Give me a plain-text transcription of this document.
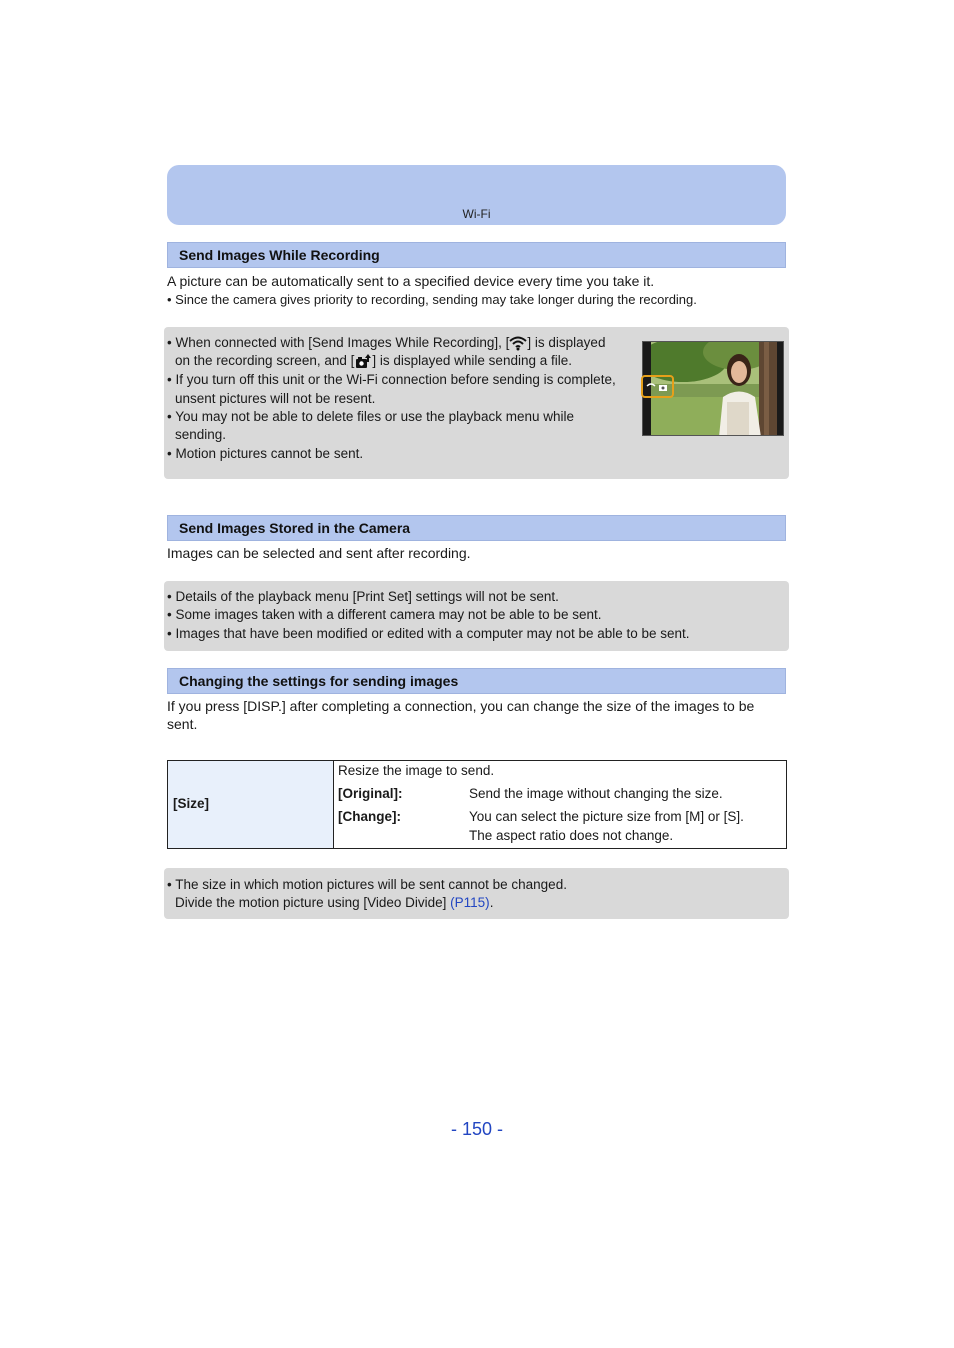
Wi-Fi
Send Images While Recording
A picture can be automatically sent to a specified device every time you take it.
• Since the camera gives priority to recording, sending may take longer during the recording.
• When connected with [Send Images While Recording], [ ] is displayed
on the recording screen, and [ ] is displayed while sending a file.
• If you turn off this unit or the Wi-Fi connection before sending is complete,
unsent pictures will not be resent.
• You may not be able to delete files or use the playback menu while
sending.
• Motion pictures cannot be sent.
Send Images Stored in the Camera
Images can be selected and sent after recording.
• Details of the playback menu [Print Set] settings will not be sent.
• Some images taken with a different camera may not be able to be sent.
• Images that have been modified or edited with a computer may not be able to be sent.
Changing the settings for sending images
If you press [DISP.] after completing a connection, you can change the size of the images to be
sent.
[Size]
Resize the image to send.
[Original]:	Send the image without changing the size.
[Change]:	You can select the picture size from [M] or [S].
The aspect ratio does not change.
• The size in which motion pictures will be sent cannot be changed.
Divide the motion picture using [Video Divide] (P115).
- 150 -
